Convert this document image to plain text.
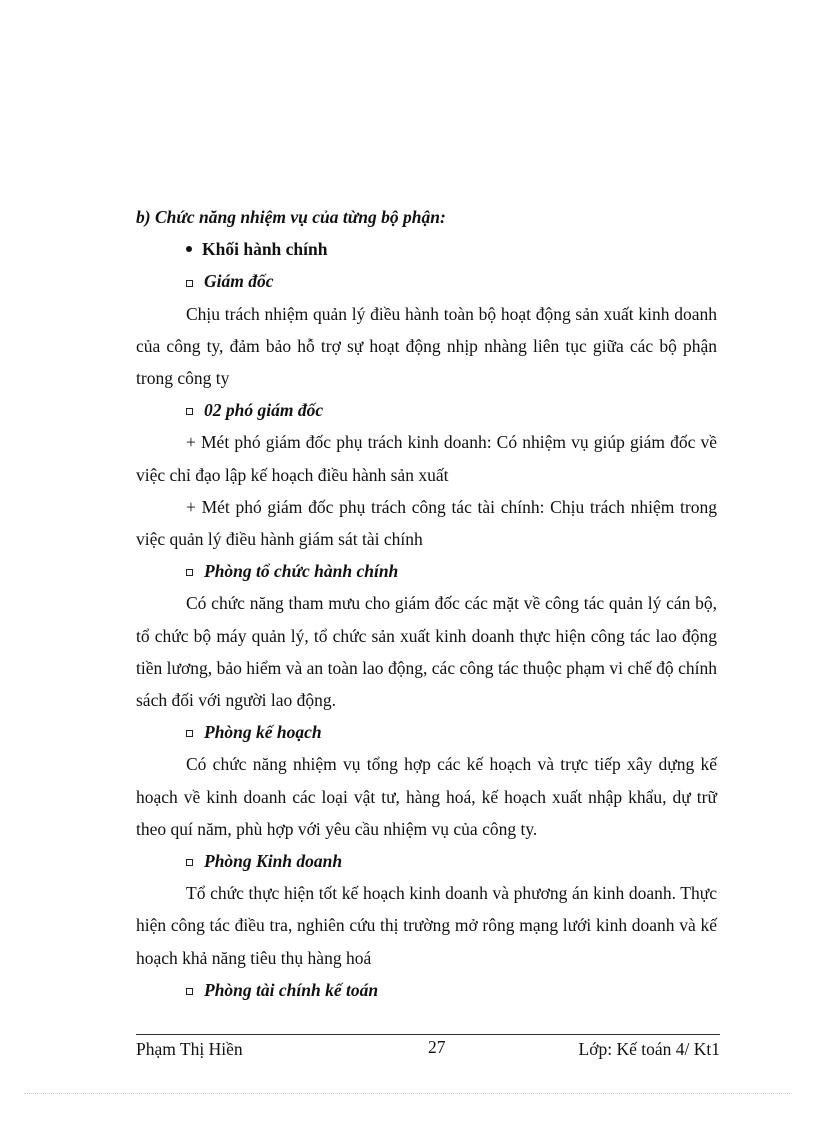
b) Chức năng nhiệm vụ của từng bộ phận:

Khối hành chính

Giám đốc

Chịu trách nhiệm quản lý điều hành toàn bộ hoạt động sản xuất kinh doanh của công ty, đảm bảo hỗ trợ sự hoạt động nhịp nhàng liên tục giữa các bộ phận trong công ty

02 phó giám đốc

+ Mét phó giám đốc phụ trách kinh doanh: Có nhiệm vụ giúp giám đốc về việc chỉ đạo lập kế hoạch điều hành sản xuất

+ Mét phó giám đốc phụ trách công tác tài chính: Chịu trách nhiệm trong việc quản lý điều hành giám sát tài chính

Phòng tổ chức hành chính

Có chức năng tham mưu cho giám đốc các mặt về công tác quản lý cán bộ, tổ chức bộ máy quản lý, tổ chức sản xuất kinh doanh thực hiện công tác lao động tiền lương, bảo hiểm và an toàn lao động, các công tác thuộc phạm vi chế độ chính sách đối với người lao động.

Phòng kế hoạch

Có chức năng nhiệm vụ tổng hợp các kế hoạch và trực tiếp xây dựng kế hoạch về kinh doanh các loại vật tư, hàng hoá, kế hoạch xuất nhập khẩu, dự trữ theo quí năm, phù hợp với yêu cầu nhiệm vụ của công ty.

Phòng Kinh doanh

Tổ chức thực hiện tốt kế hoạch kinh doanh và phương án kinh doanh. Thực hiện công tác điều tra, nghiên cứu thị trường mở rông mạng lưới kinh doanh và kế hoạch khả năng tiêu thụ hàng hoá

Phòng tài chính kế toán

Phạm Thị Hiền	27	Lớp: Kế toán 4/ Kt1
